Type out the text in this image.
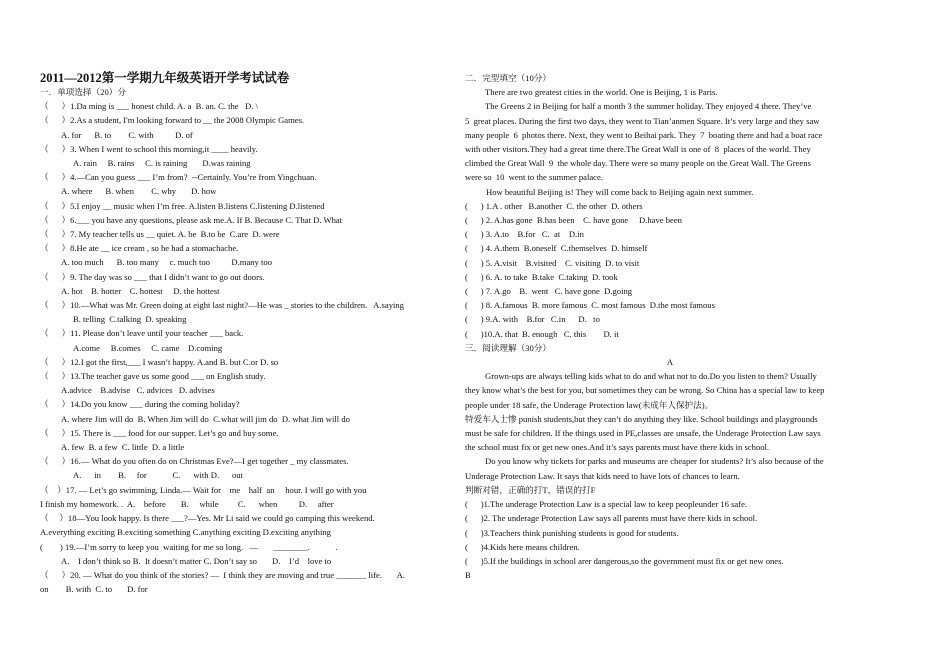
2011—2012第一学期九年级英语开学考试试卷
一．单项选择（20）分
（      ）1.Da ming is ___ honest child. A. a  B. an. C. the   D. \
（      ）2.As a student, I'm looking forward to __ the 2008 Olympic Games.
A. for      B. to        C. with          D. of
（      ）3. When I went to school this morning,it ____ heavily.
A. rain     B. rains     C. is raining       D.was raining
（      ）4.—Can you guess ___ I’m from?  --Certainly. You’re from Yingchuan.
A. where      B. when        C. why       D. how
（      ）5.I enjoy __ music when I’m free. A.listen B.listens C.listening D.listened
（      ）6.___ you have any questions, please ask me.A. If B. Because C. That D. What
（      ）7. My teacher tells us __ quiet. A. be  B.to be  C.are  D. were
（      ）8.He ate __ ice cream , so he had a stomachache.
A. too much      B. too many     c. much too          D.many too
（      ）9. The day was so ___ that I didn’t want to go out doors.
A. hot    B. hotter    C. hottest     D. the hottest
（      ）10.—What was Mr. Green doing at eight last night?—He was _ stories to the children.   A.saying
B. telling  C.talking  D. speaking
（      ）11. Please don’t leave until your teacher ___ back.
A.come     B.comes     C. came    D.coming
（      ）12.I got the first,___ I wasn’t happy. A.and B. but C.or D. so
（      ）13.The teacher gave us some good ___ on English study.
A.advice    B.advise   C. advices   D. advises
（      ）14.Do you know ___ during the coming holiday?
A. where Jim will do  B. When Jim will do  C.what will jim do  D. what Jim will do
（      ）15. There is ___ food for our supper. Let’s go and buy some.
A. few  B. a few  C. little  D. a little
（      ）16.— What do you often do on Christmas Eve?—I get together _ my classmates.
A.      in        B.     for            C.      with D.      out
（    ）17. — Let’s go swimming, Linda.— Wait for    me    half  an     hour. I will go with you
I finish my homework. .  A.    before       B.     while         C.      when          D.     after
（     ）18—You look happy. Is there ___?—Yes. Mr Li said we could go camping this weekend.
A.everything exciting B.exciting something C.anything exciting D.exciting anything
(        ) 19.—I’m sorry to keep you  waiting for me so long.   —       ________.            .
A.    I don’t think so B.  It doesn’t matter C. Don’t say so       D.    I’d    love to
（      ）20. — What do you think of the stories? —  I think they are moving and true _______ life.       A.
on        B. with  C. to       D. for
二．完型填空（10分）
There are two greatest cities in the world. One is Beijing, 1 is Paris.
The Greens 2 in Beijing for half a month 3 the summer holiday. They enjoyed 4 there. They’ve
5  great places. During the first two days, they went to Tian’anmen Square. It’s very large and they saw
many people  6  photos there. Next, they went to Beihai park. They  7  boating there and had a boat race
with other visitors.They had a great time there.The Great Wall is one of  8  places of the world. They
climbed the Great Wall  9  the whole day. There were so many people on the Great Wall. The Greens
were so  10  went to the summer palace.
How beautiful Beijing is! They will come back to Beijing again next summer.
(      ) 1.A . other   B.another  C. the other  D. others
(      ) 2. A.has gone  B.has been    C. have gone     D.have been
(      ) 3. A.to    B.for   C.  at    D.in
(      ) 4. A.them  B.oneself  C.themselves  D. himself
(      ) 5. A.visit    B.visited    C. visiting  D. to visit
(      ) 6. A. to take  B.take  C.taking  D. took
(      ) 7. A.go    B.  went   C. have gone  D.going
(      ) 8. A.famous  B. more famous  C. most famous  D.the most famous
(      ) 9.A. with    B.for   C.in      D.   to
(      )10.A. that  B. enough   C. this        D. it
三．阅读理解（30分）
A
Grown-ups are always telling kids what to do and what not to do.Do you listen to them? Usually
they know what’s the best for you, but sometimes they can be wrong. So China has a special law to keep
people under 18 safe, the Underage Protection law(未成年人保护法)。
特爱车人士惨 punish students,but they can’t do anything they like. School buildings and playgrounds
must be safe for children. If the things used in PE,classes are unsafe, the Underage Protection Law says
the school must fix or get new ones.And it’s says parents must have there kids in school.
Do you know why tickets for parks and museums are cheaper for students? It’s also because of the
Underage Protection Law. It says that kids need to have lots of chances to learn.
判断对错，正确的打T，错误的打F
(      )1.The underage Protection Law is a special law to keep peopleunder 16 safe.
(      )2. The underage Protection Law says all parents must have there kids in school.
(      )3.Teachers think punishing students is good for students.
(      )4.Kids here means children.
(      )5.If the buildings in school arer dangerous,so the government must fix or get new ones.
B
